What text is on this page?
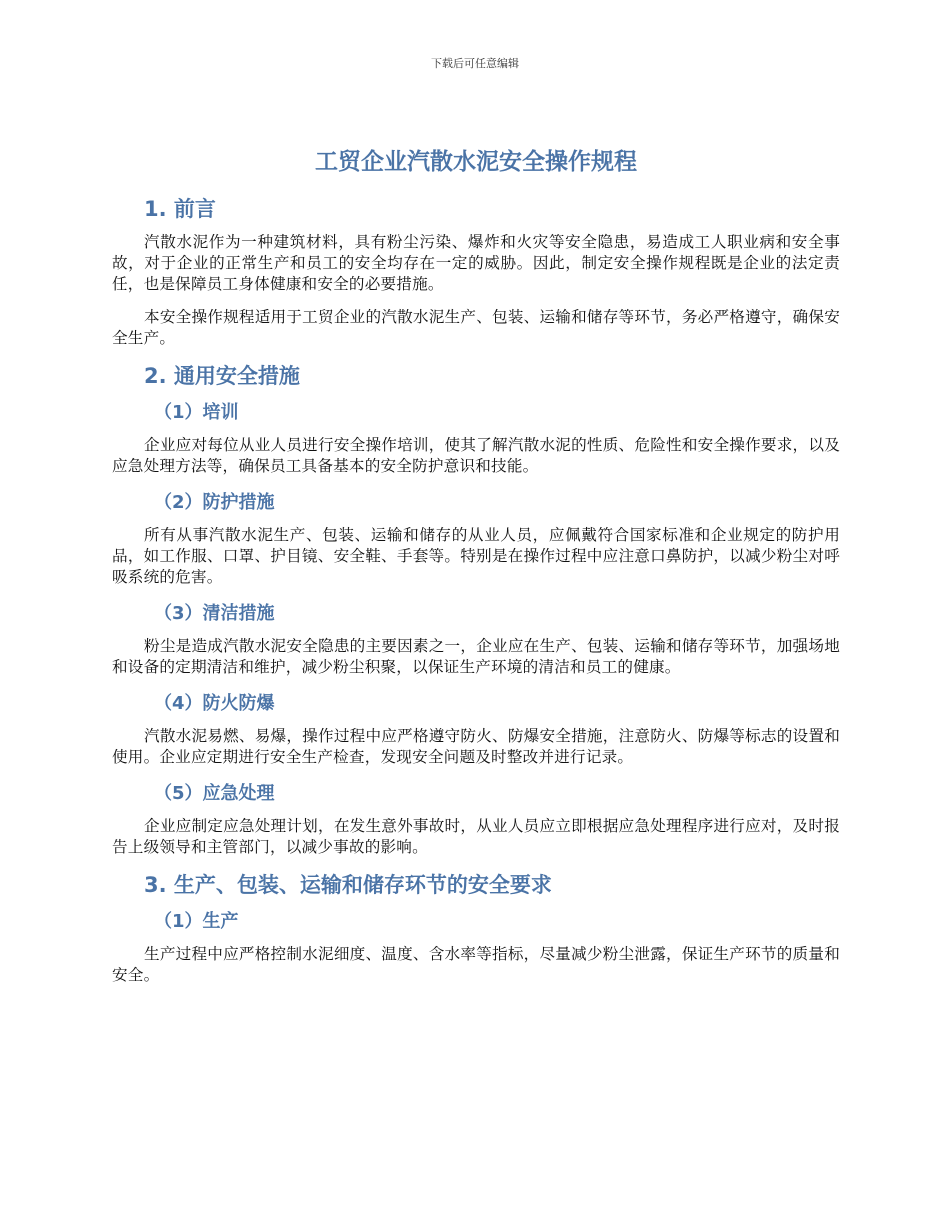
下载后可任意编辑
工贸企业汽散水泥安全操作规程
1. 前言

汽散水泥作为一种建筑材料，具有粉尘污染、爆炸和火灾等安全隐患，易造成工人职业病和安全事故，对于企业的正常生产和员工的安全均存在一定的威胁。因此，制定安全操作规程既是企业的法定责任，也是保障员工身体健康和安全的必要措施。

本安全操作规程适用于工贸企业的汽散水泥生产、包装、运输和储存等环节，务必严格遵守，确保安全生产。

2. 通用安全措施
（1）培训

企业应对每位从业人员进行安全操作培训，使其了解汽散水泥的性质、危险性和安全操作要求，以及应急处理方法等，确保员工具备基本的安全防护意识和技能。

（2）防护措施

所有从事汽散水泥生产、包装、运输和储存的从业人员，应佩戴符合国家标准和企业规定的防护用品，如工作服、口罩、护目镜、安全鞋、手套等。特别是在操作过程中应注意口鼻防护，以减少粉尘对呼吸系统的危害。

（3）清洁措施

粉尘是造成汽散水泥安全隐患的主要因素之一，企业应在生产、包装、运输和储存等环节，加强场地和设备的定期清洁和维护，减少粉尘积聚，以保证生产环境的清洁和员工的健康。

（4）防火防爆

汽散水泥易燃、易爆，操作过程中应严格遵守防火、防爆安全措施，注意防火、防爆等标志的设置和使用。企业应定期进行安全生产检查，发现安全问题及时整改并进行记录。

（5）应急处理

企业应制定应急处理计划，在发生意外事故时，从业人员应立即根据应急处理程序进行应对，及时报告上级领导和主管部门，以减少事故的影响。

3. 生产、包装、运输和储存环节的安全要求
（1）生产

生产过程中应严格控制水泥细度、温度、含水率等指标，尽量减少粉尘泄露，保证生产环节的质量和安全。
